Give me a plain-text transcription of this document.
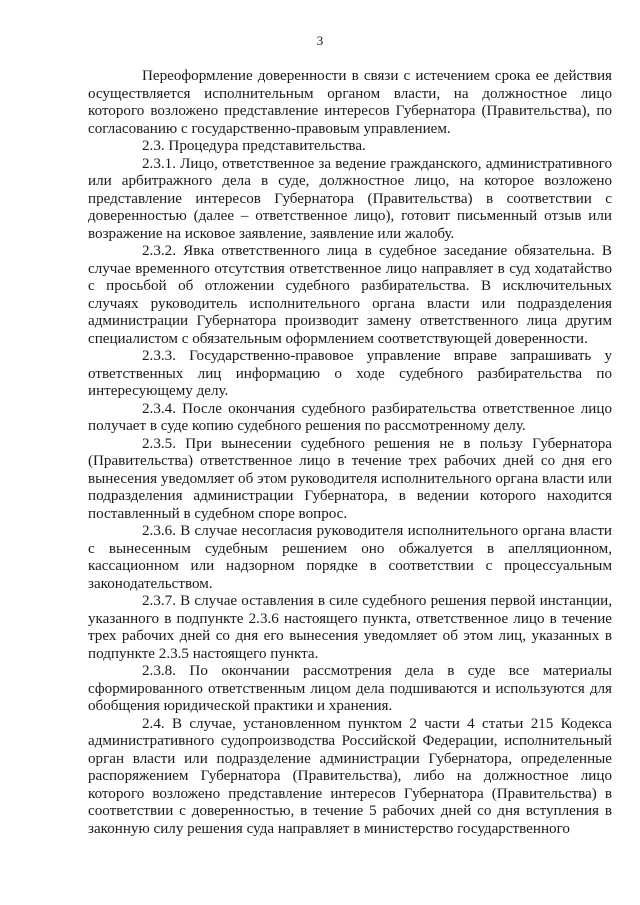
3

Переоформление доверенности в связи с истечением срока ее действия осуществляется исполнительным органом власти, на должностное лицо которого возложено представление интересов Губернатора (Правительства), по согласованию с государственно-правовым управлением.

2.3. Процедура представительства.

2.3.1. Лицо, ответственное за ведение гражданского, административного или арбитражного дела в суде, должностное лицо, на которое возложено представление интересов Губернатора (Правительства) в соответствии с доверенностью (далее – ответственное лицо), готовит письменный отзыв или возражение на исковое заявление, заявление или жалобу.

2.3.2. Явка ответственного лица в судебное заседание обязательна. В случае временного отсутствия ответственное лицо направляет в суд ходатайство с просьбой об отложении судебного разбирательства. В исключительных случаях руководитель исполнительного органа власти или подразделения администрации Губернатора производит замену ответственного лица другим специалистом с обязательным оформлением соответствующей доверенности.

2.3.3. Государственно-правовое управление вправе запрашивать у ответственных лиц информацию о ходе судебного разбирательства по интересующему делу.

2.3.4. После окончания судебного разбирательства ответственное лицо получает в суде копию судебного решения по рассмотренному делу.

2.3.5. При вынесении судебного решения не в пользу Губернатора (Правительства) ответственное лицо в течение трех рабочих дней со дня его вынесения уведомляет об этом руководителя исполнительного органа власти или подразделения администрации Губернатора, в ведении которого находится поставленный в судебном споре вопрос.

2.3.6. В случае несогласия руководителя исполнительного органа власти с вынесенным судебным решением оно обжалуется в апелляционном, кассационном или надзорном порядке в соответствии с процессуальным законодательством.

2.3.7. В случае оставления в силе судебного решения первой инстанции, указанного в подпункте 2.3.6 настоящего пункта, ответственное лицо в течение трех рабочих дней со дня его вынесения уведомляет об этом лиц, указанных в подпункте 2.3.5 настоящего пункта.

2.3.8. По окончании рассмотрения дела в суде все материалы сформированного ответственным лицом дела подшиваются и используются для обобщения юридической практики и хранения.

2.4. В случае, установленном пунктом 2 части 4 статьи 215 Кодекса административного судопроизводства Российской Федерации, исполнительный орган власти или подразделение администрации Губернатора, определенные распоряжением Губернатора (Правительства), либо на должностное лицо которого возложено представление интересов Губернатора (Правительства) в соответствии с доверенностью, в течение 5 рабочих дней со дня вступления в законную силу решения суда направляет в министерство государственного
